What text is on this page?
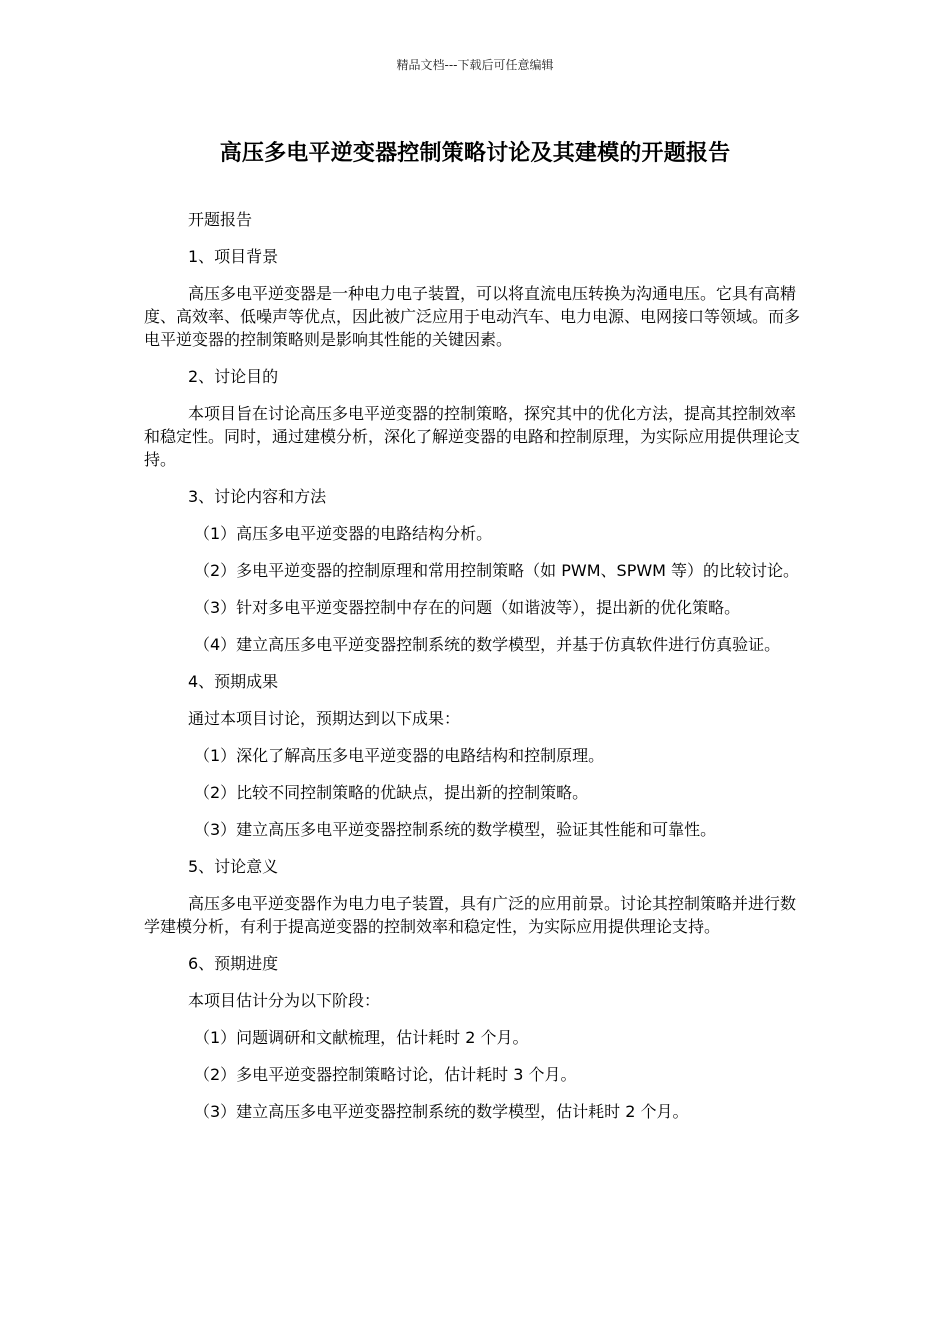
精品文档---下载后可任意编辑
高压多电平逆变器控制策略讨论及其建模的开题报告

开题报告

1、项目背景

高压多电平逆变器是一种电力电子装置，可以将直流电压转换为沟通电压。它具有高精度、高效率、低噪声等优点，因此被广泛应用于电动汽车、电力电源、电网接口等领域。而多电平逆变器的控制策略则是影响其性能的关键因素。

2、讨论目的

本项目旨在讨论高压多电平逆变器的控制策略，探究其中的优化方法，提高其控制效率和稳定性。同时，通过建模分析，深化了解逆变器的电路和控制原理，为实际应用提供理论支持。

3、讨论内容和方法

（1）高压多电平逆变器的电路结构分析。

（2）多电平逆变器的控制原理和常用控制策略（如 PWM、SPWM 等）的比较讨论。

（3）针对多电平逆变器控制中存在的问题（如谐波等），提出新的优化策略。

（4）建立高压多电平逆变器控制系统的数学模型，并基于仿真软件进行仿真验证。

4、预期成果

通过本项目讨论，预期达到以下成果：

（1）深化了解高压多电平逆变器的电路结构和控制原理。

（2）比较不同控制策略的优缺点，提出新的控制策略。

（3）建立高压多电平逆变器控制系统的数学模型，验证其性能和可靠性。

5、讨论意义

高压多电平逆变器作为电力电子装置，具有广泛的应用前景。讨论其控制策略并进行数学建模分析，有利于提高逆变器的控制效率和稳定性，为实际应用提供理论支持。

6、预期进度

本项目估计分为以下阶段：

（1）问题调研和文献梳理，估计耗时 2 个月。

（2）多电平逆变器控制策略讨论，估计耗时 3 个月。

（3）建立高压多电平逆变器控制系统的数学模型，估计耗时 2 个月。
